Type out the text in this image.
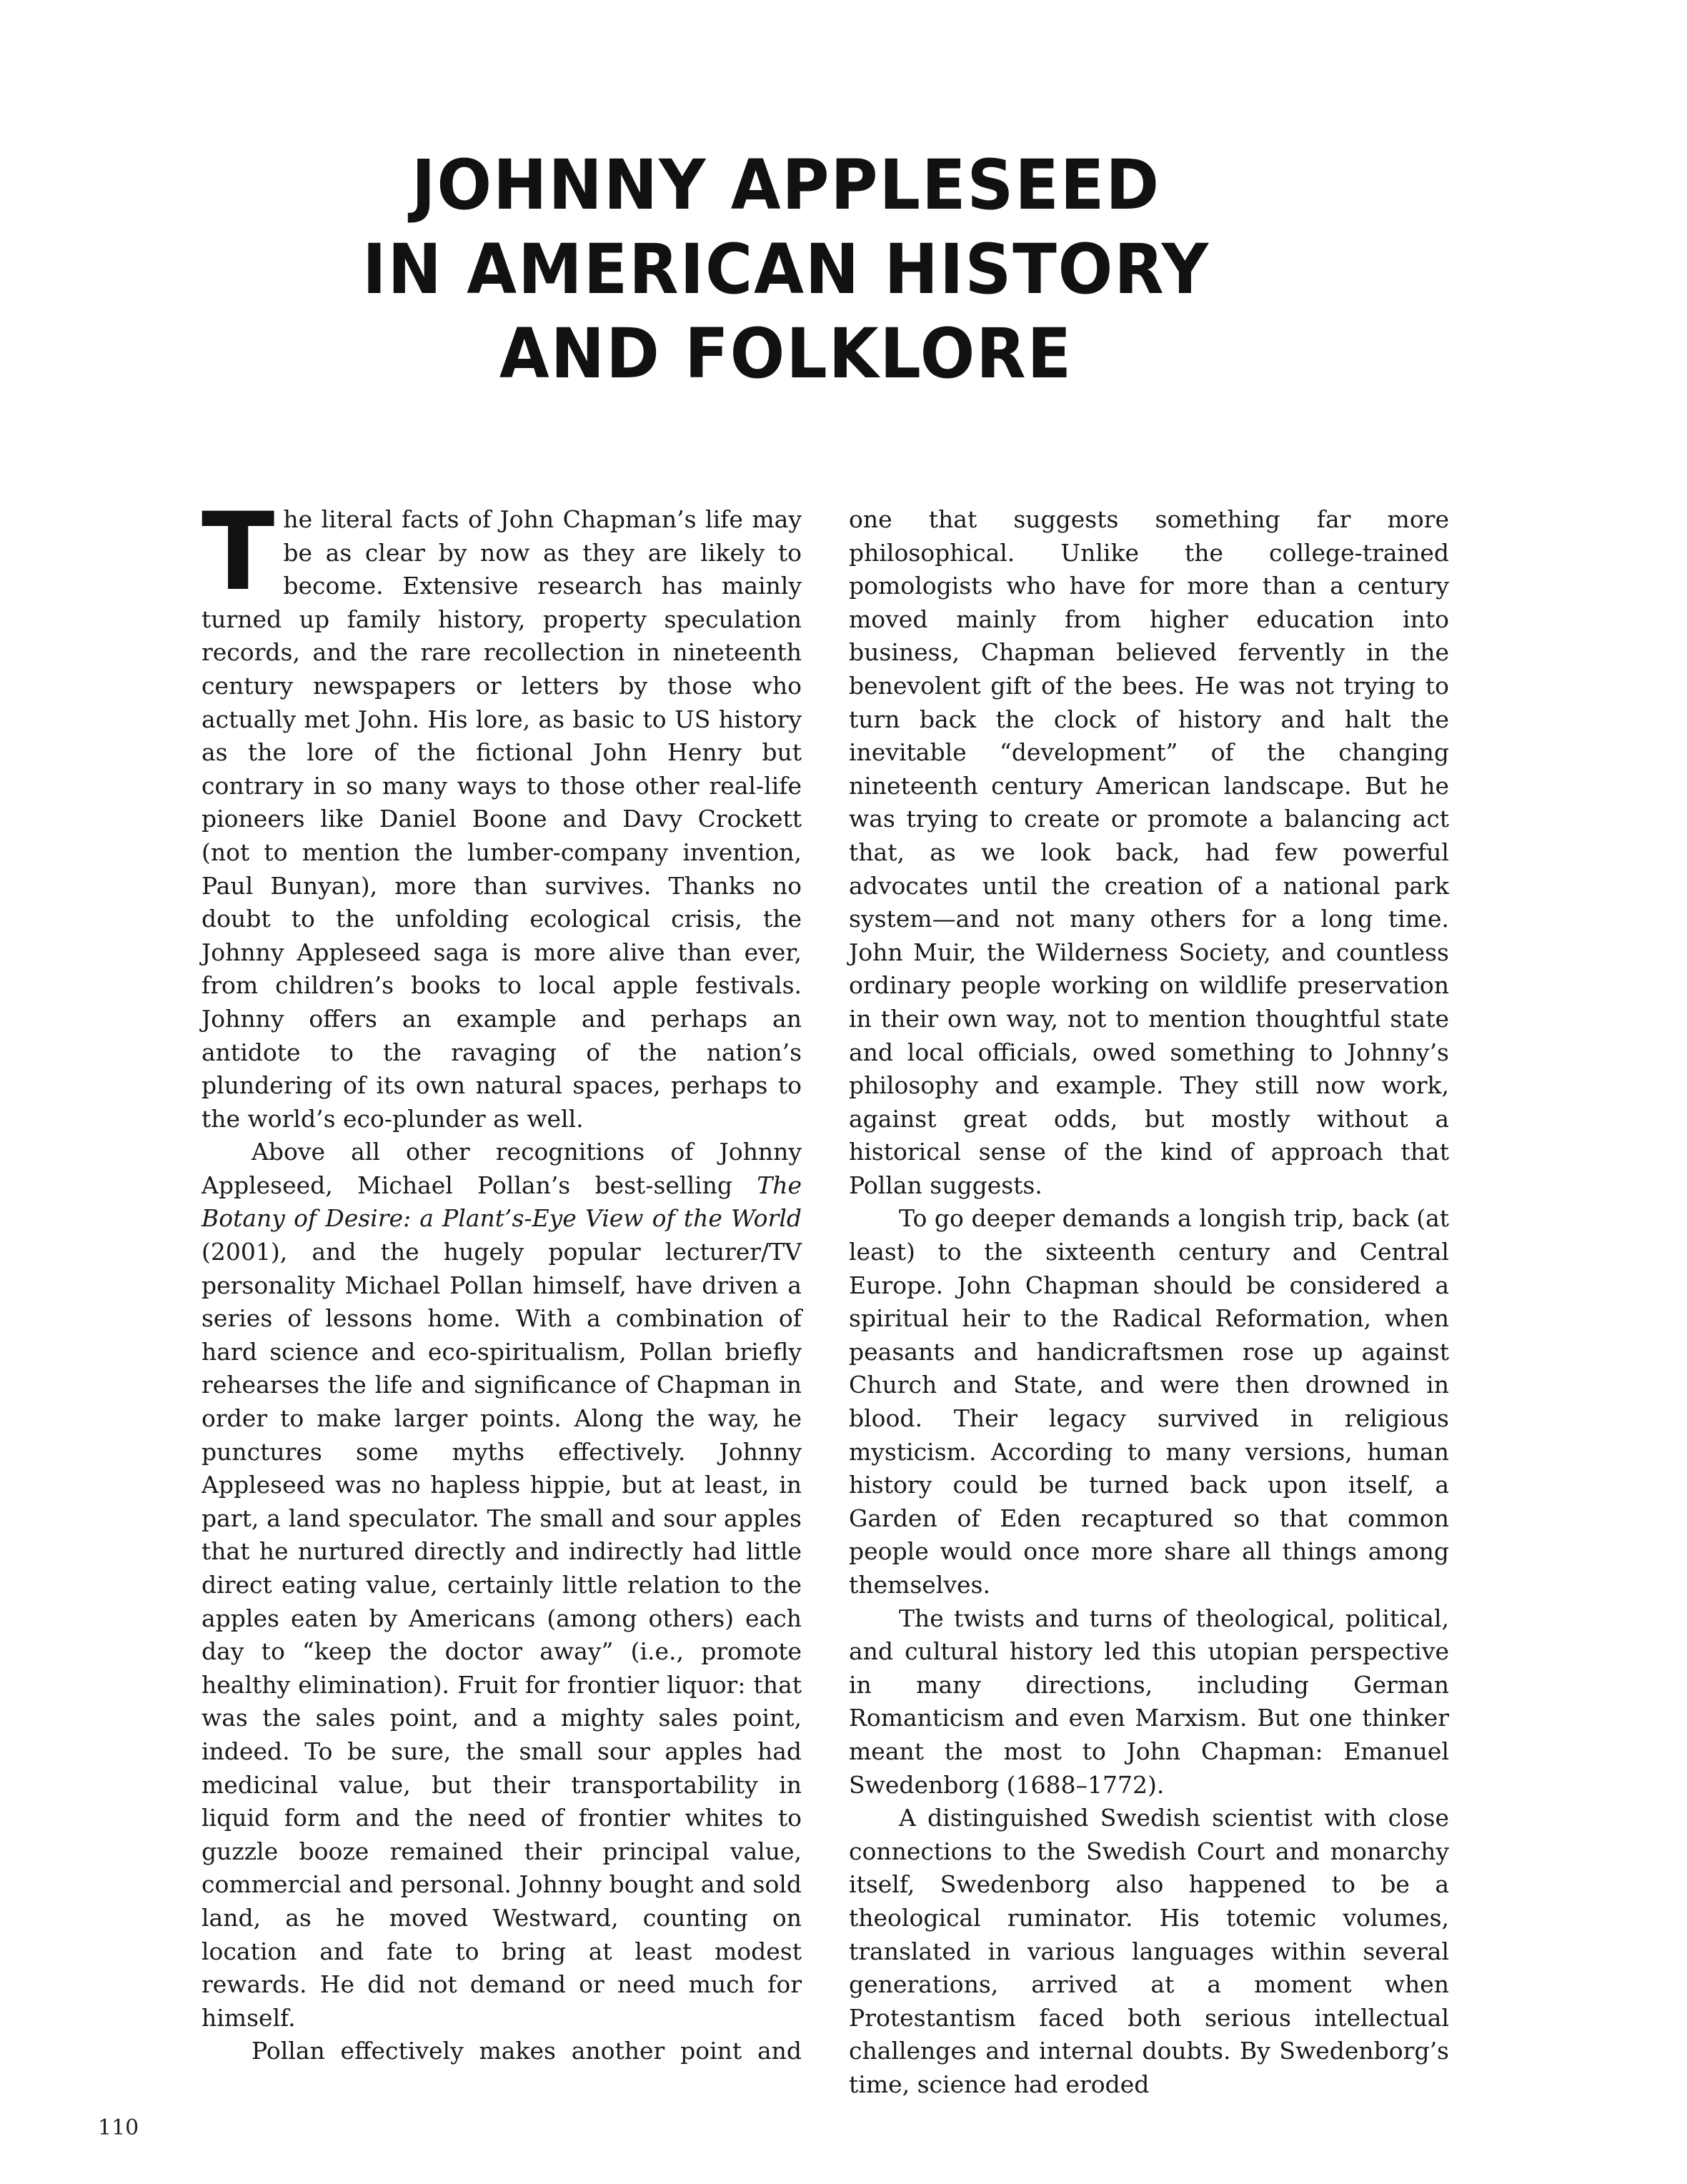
JOHNNY APPLESEED
IN AMERICAN HISTORY
AND FOLKLORE

The literal facts of John Chapman’s life may be as clear by now as they are likely to become. Extensive research has mainly turned up family history, property speculation records, and the rare recollection in nineteenth century newspapers or letters by those who actually met John. His lore, as basic to US history as the lore of the fictional John Henry but contrary in so many ways to those other real-life pioneers like Daniel Boone and Davy Crockett (not to mention the lumber-company invention, Paul Bunyan), more than survives. Thanks no doubt to the unfolding ecological crisis, the Johnny Appleseed saga is more alive than ever, from children’s books to local apple festivals. Johnny offers an example and perhaps an antidote to the ravaging of the nation’s plundering of its own natural spaces, perhaps to the world’s eco-plunder as well.

Above all other recognitions of Johnny Appleseed, Michael Pollan’s best-selling The Botany of Desire: a Plant’s-Eye View of the World (2001), and the hugely popular lecturer/TV personality Michael Pollan himself, have driven a series of lessons home. With a combination of hard science and eco-spiritualism, Pollan briefly rehearses the life and significance of Chapman in order to make larger points. Along the way, he punctures some myths effectively. Johnny Appleseed was no hapless hippie, but at least, in part, a land speculator. The small and sour apples that he nurtured directly and indirectly had little direct eating value, certainly little relation to the apples eaten by Americans (among others) each day to “keep the doctor away” (i.e., promote healthy elimination). Fruit for frontier liquor: that was the sales point, and a mighty sales point, indeed. To be sure, the small sour apples had medicinal value, but their transportability in liquid form and the need of frontier whites to guzzle booze remained their principal value, commercial and personal. Johnny bought and sold land, as he moved Westward, counting on location and fate to bring at least modest rewards. He did not demand or need much for himself.

Pollan effectively makes another point and

one that suggests something far more philosophical. Unlike the college-trained pomologists who have for more than a century moved mainly from higher education into business, Chapman believed fervently in the benevolent gift of the bees. He was not trying to turn back the clock of history and halt the inevitable “development” of the changing nineteenth century American landscape. But he was trying to create or promote a balancing act that, as we look back, had few powerful advocates until the creation of a national park system—and not many others for a long time. John Muir, the Wilderness Society, and countless ordinary people working on wildlife preservation in their own way, not to mention thoughtful state and local officials, owed something to Johnny’s philosophy and example. They still now work, against great odds, but mostly without a historical sense of the kind of approach that Pollan suggests.

To go deeper demands a longish trip, back (at least) to the sixteenth century and Central Europe. John Chapman should be considered a spiritual heir to the Radical Reformation, when peasants and handicraftsmen rose up against Church and State, and were then drowned in blood. Their legacy survived in religious mysticism. According to many versions, human history could be turned back upon itself, a Garden of Eden recaptured so that common people would once more share all things among themselves.

The twists and turns of theological, political, and cultural history led this utopian perspective in many directions, including German Romanticism and even Marxism. But one thinker meant the most to John Chapman: Emanuel Swedenborg (1688–1772).

A distinguished Swedish scientist with close connections to the Swedish Court and monarchy itself, Swedenborg also happened to be a theological ruminator. His totemic volumes, translated in various languages within several generations, arrived at a moment when Protestantism faced both serious intellectual challenges and internal doubts. By Swedenborg’s time, science had eroded

110
